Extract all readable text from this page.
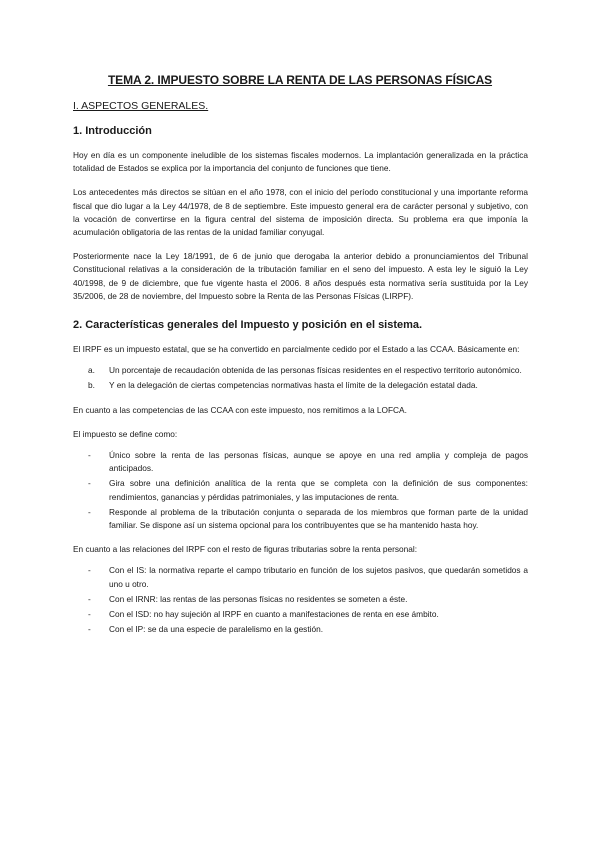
TEMA 2. IMPUESTO SOBRE LA RENTA DE LAS PERSONAS FÍSICAS
I. ASPECTOS GENERALES.
1. Introducción

Hoy en día es un componente ineludible de los sistemas fiscales modernos. La implantación generalizada en la práctica totalidad de Estados se explica por la importancia del conjunto de funciones que tiene.

Los antecedentes más directos se sitúan en el año 1978, con el inicio del período constitucional y una importante reforma fiscal que dio lugar a la Ley 44/1978, de 8 de septiembre. Este impuesto general era de carácter personal y subjetivo, con la vocación de convertirse en la figura central del sistema de imposición directa. Su problema era que imponía la acumulación obligatoria de las rentas de la unidad familiar conyugal.

Posteriormente nace la Ley 18/1991, de 6 de junio que derogaba la anterior debido a pronunciamientos del Tribunal Constitucional relativas a la consideración de la tributación familiar en el seno del impuesto. A esta ley le siguió la Ley 40/1998, de 9 de diciembre, que fue vigente hasta el 2006. 8 años después esta normativa sería sustituida por la Ley 35/2006, de 28 de noviembre, del Impuesto sobre la Renta de las Personas Físicas (LIRPF).

2. Características generales del Impuesto y posición en el sistema.

El IRPF es un impuesto estatal, que se ha convertido en parcialmente cedido por el Estado a las CCAA. Básicamente en:

a. Un porcentaje de recaudación obtenida de las personas físicas residentes en el respectivo territorio autonómico.
b. Y en la delegación de ciertas competencias normativas hasta el límite de la delegación estatal dada.

En cuanto a las competencias de las CCAA con este impuesto, nos remitimos a la LOFCA.

El impuesto se define como:

- Único sobre la renta de las personas físicas, aunque se apoye en una red amplia y compleja de pagos anticipados.
- Gira sobre una definición analítica de la renta que se completa con la definición de sus componentes: rendimientos, ganancias y pérdidas patrimoniales, y las imputaciones de renta.
- Responde al problema de la tributación conjunta o separada de los miembros que forman parte de la unidad familiar. Se dispone así un sistema opcional para los contribuyentes que se ha mantenido hasta hoy.

En cuanto a las relaciones del IRPF con el resto de figuras tributarias sobre la renta personal:

- Con el IS: la normativa reparte el campo tributario en función de los sujetos pasivos, que quedarán sometidos a uno u otro.
- Con el IRNR: las rentas de las personas físicas no residentes se someten a éste.
- Con el ISD: no hay sujeción al IRPF en cuanto a manifestaciones de renta en ese ámbito.
- Con el IP: se da una especie de paralelismo en la gestión.
